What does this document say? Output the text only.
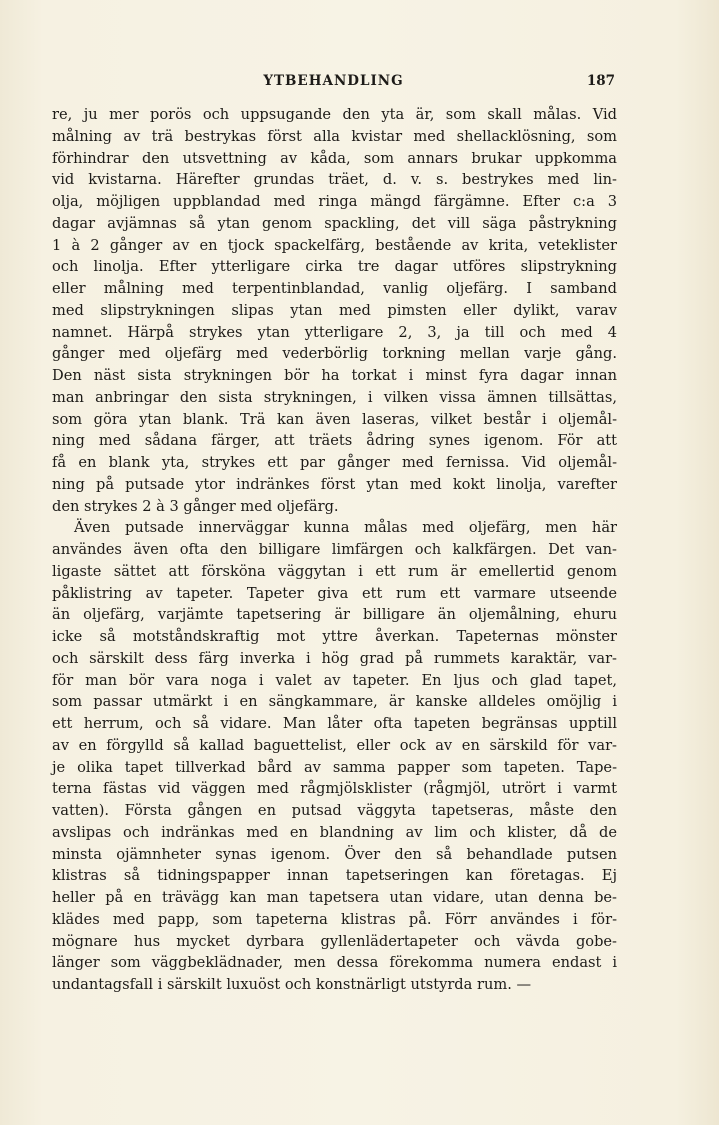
YTBEHANDLING	187
re, ju mer porös och uppsugande den yta är, som skall målas. Vid
målning av trä bestrykas först alla kvistar med shellacklösning, som
förhindrar den utsvettning av kåda, som annars brukar uppkomma
vid kvistarna. Härefter grundas träet, d. v. s. bestrykes med lin-
olja, möjligen uppblandad med ringa mängd färgämne. Efter c:a 3
dagar avjämnas så ytan genom spackling, det vill säga påstrykning
1 à 2 gånger av en tjock spackelfärg, bestående av krita, veteklister
och linolja. Efter ytterligare cirka tre dagar utföres slipstrykning
eller målning med terpentinblandad, vanlig oljefärg. I samband
med slipstrykningen slipas ytan med pimsten eller dylikt, varav
namnet. Härpå strykes ytan ytterligare 2, 3, ja till och med 4
gånger med oljefärg med vederbörlig torkning mellan varje gång.
Den näst sista strykningen bör ha torkat i minst fyra dagar innan
man anbringar den sista strykningen, i vilken vissa ämnen tillsättas,
som göra ytan blank. Trä kan även laseras, vilket består i oljemål-
ning med sådana färger, att träets ådring synes igenom. För att
få en blank yta, strykes ett par gånger med fernissa. Vid oljemål-
ning på putsade ytor indränkes först ytan med kokt linolja, varefter
den strykes 2 à 3 gånger med oljefärg.
Även putsade innerväggar kunna målas med oljefärg, men här
användes även ofta den billigare limfärgen och kalkfärgen. Det van-
ligaste sättet att försköna väggytan i ett rum är emellertid genom
påklistring av tapeter. Tapeter giva ett rum ett varmare utseende
än oljefärg, varjämte tapetsering är billigare än oljemålning, ehuru
icke så motståndskraftig mot yttre åverkan. Tapeternas mönster
och särskilt dess färg inverka i hög grad på rummets karaktär, var-
för man bör vara noga i valet av tapeter. En ljus och glad tapet,
som passar utmärkt i en sängkammare, är kanske alldeles omöjlig i
ett herrum, och så vidare. Man låter ofta tapeten begränsas upptill
av en förgylld så kallad baguettelist, eller ock av en särskild för var-
je olika tapet tillverkad bård av samma papper som tapeten. Tape-
terna fästas vid väggen med rågmjölsklister (rågmjöl, utrört i varmt
vatten). Första gången en putsad väggyta tapetseras, måste den
avslipas och indränkas med en blandning av lim och klister, då de
minsta ojämnheter synas igenom. Över den så behandlade putsen
klistras så tidningspapper innan tapetseringen kan företagas. Ej
heller på en trävägg kan man tapetsera utan vidare, utan denna be-
klädes med papp, som tapeterna klistras på. Förr användes i för-
mögnare hus mycket dyrbara gyllenlädertapeter och vävda gobe-
länger som väggbeklädnader, men dessa förekomma numera endast i
undantagsfall i särskilt luxuöst och konstnärligt utstyrda rum. —
